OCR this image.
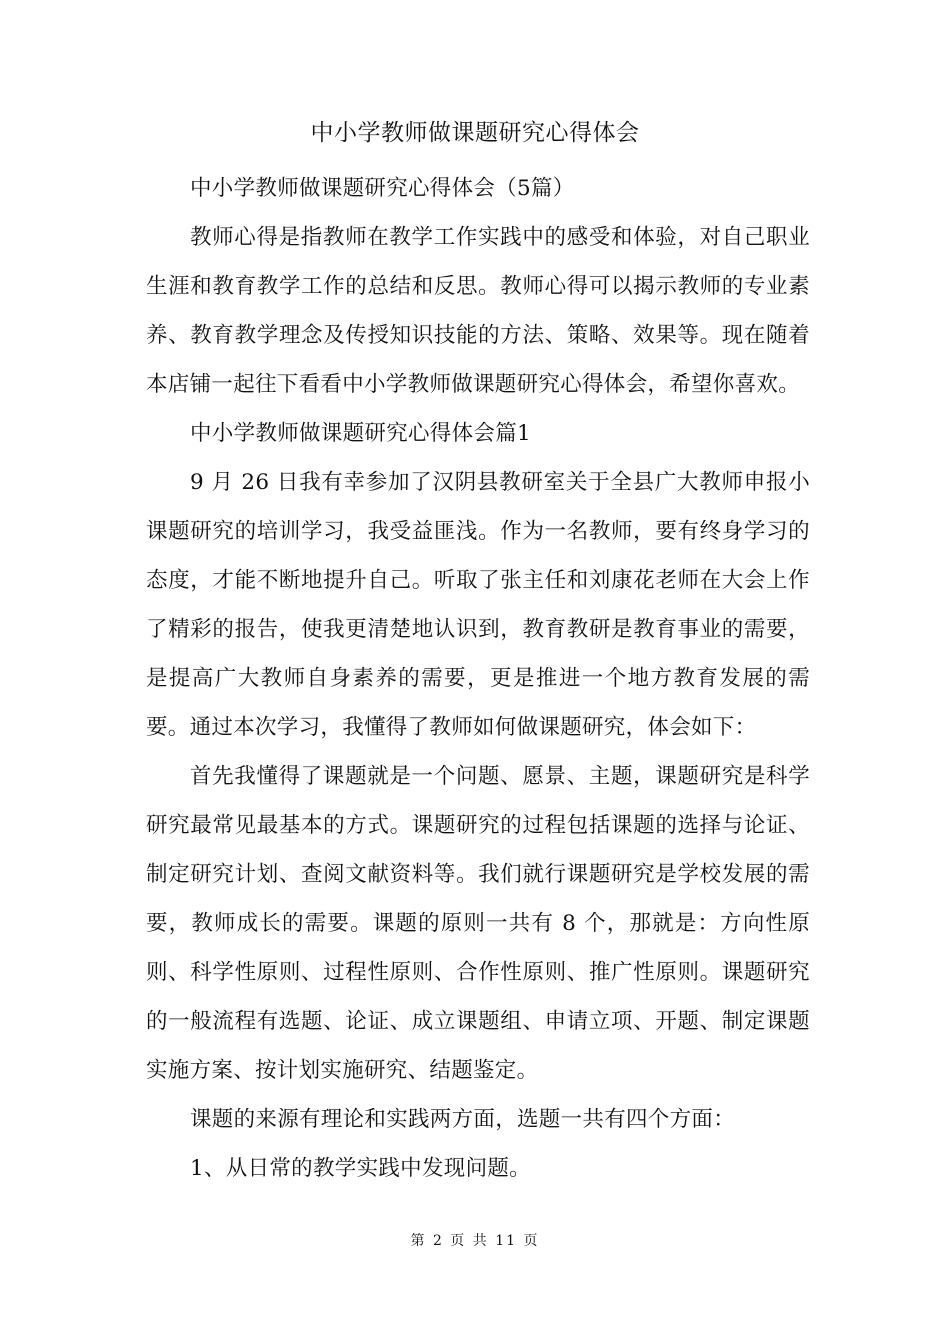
中小学教师做课题研究心得体会

中小学教师做课题研究心得体会（5篇）

教师心得是指教师在教学工作实践中的感受和体验，对自己职业生涯和教育教学工作的总结和反思。教师心得可以揭示教师的专业素养、教育教学理念及传授知识技能的方法、策略、效果等。现在随着本店铺一起往下看看中小学教师做课题研究心得体会，希望你喜欢。

中小学教师做课题研究心得体会篇1

9 月 26 日我有幸参加了汉阴县教研室关于全县广大教师申报小课题研究的培训学习，我受益匪浅。作为一名教师，要有终身学习的态度，才能不断地提升自己。听取了张主任和刘康花老师在大会上作了精彩的报告，使我更清楚地认识到，教育教研是教育事业的需要，是提高广大教师自身素养的需要，更是推进一个地方教育发展的需要。通过本次学习，我懂得了教师如何做课题研究，体会如下：

首先我懂得了课题就是一个问题、愿景、主题，课题研究是科学研究最常见最基本的方式。课题研究的过程包括课题的选择与论证、制定研究计划、查阅文献资料等。我们就行课题研究是学校发展的需要，教师成长的需要。课题的原则一共有 8 个，那就是：方向性原则、科学性原则、过程性原则、合作性原则、推广性原则。课题研究的一般流程有选题、论证、成立课题组、申请立项、开题、制定课题实施方案、按计划实施研究、结题鉴定。

课题的来源有理论和实践两方面，选题一共有四个方面：

1、从日常的教学实践中发现问题。

第 2 页 共 11 页
